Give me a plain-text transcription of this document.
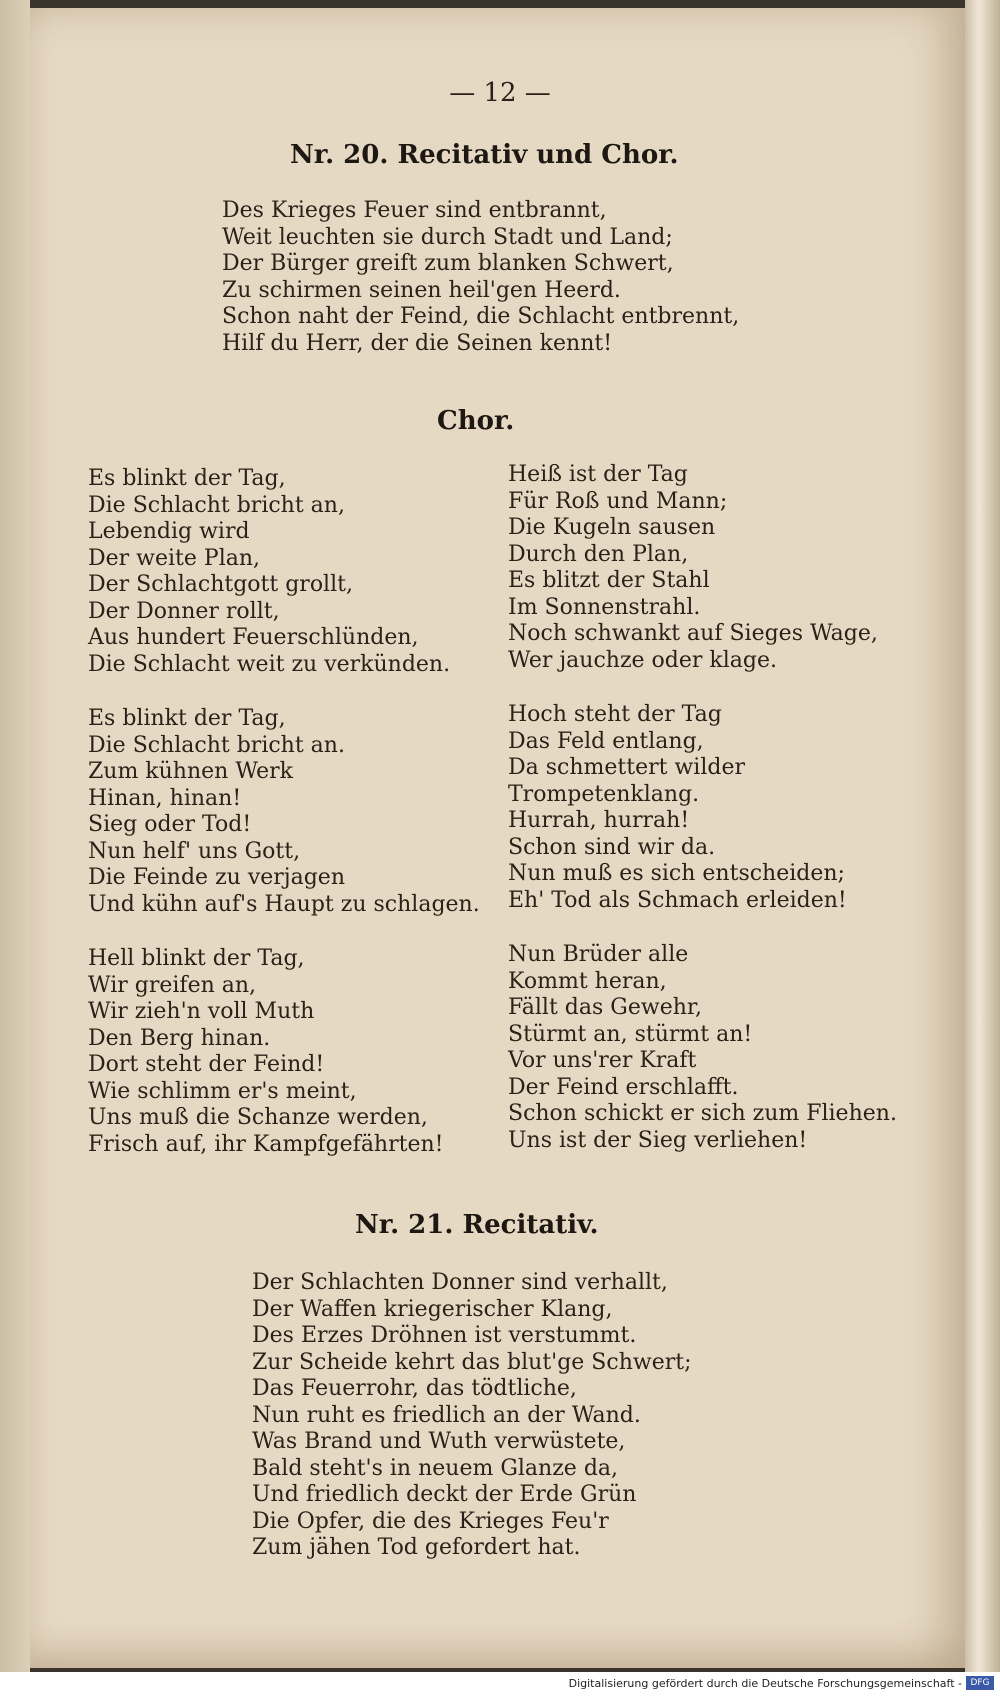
— 12 —
Nr. 20. Recitativ und Chor.
Des Krieges Feuer sind entbrannt,
Weit leuchten sie durch Stadt und Land;
Der Bürger greift zum blanken Schwert,
Zu schirmen seinen heil'gen Heerd.
Schon naht der Feind, die Schlacht entbrennt,
Hilf du Herr, der die Seinen kennt!
Chor.
Es blinkt der Tag,
Die Schlacht bricht an,
Lebendig wird
Der weite Plan,
Der Schlachtgott grollt,
Der Donner rollt,
Aus hundert Feuerschlünden,
Die Schlacht weit zu verkünden.
Es blinkt der Tag,
Die Schlacht bricht an.
Zum kühnen Werk
Hinan, hinan!
Sieg oder Tod!
Nun helf' uns Gott,
Die Feinde zu verjagen
Und kühn auf's Haupt zu schlagen.
Hell blinkt der Tag,
Wir greifen an,
Wir zieh'n voll Muth
Den Berg hinan.
Dort steht der Feind!
Wie schlimm er's meint,
Uns muß die Schanze werden,
Frisch auf, ihr Kampfgefährten!
Heiß ist der Tag
Für Roß und Mann;
Die Kugeln sausen
Durch den Plan,
Es blitzt der Stahl
Im Sonnenstrahl.
Noch schwankt auf Sieges Wage,
Wer jauchze oder klage.
Hoch steht der Tag
Das Feld entlang,
Da schmettert wilder
Trompetenklang.
Hurrah, hurrah!
Schon sind wir da.
Nun muß es sich entscheiden;
Eh' Tod als Schmach erleiden!
Nun Brüder alle
Kommt heran,
Fällt das Gewehr,
Stürmt an, stürmt an!
Vor uns'rer Kraft
Der Feind erschlafft.
Schon schickt er sich zum Fliehen.
Uns ist der Sieg verliehen!
Nr. 21. Recitativ.
Der Schlachten Donner sind verhallt,
Der Waffen kriegerischer Klang,
Des Erzes Dröhnen ist verstummt.
Zur Scheide kehrt das blut'ge Schwert;
Das Feuerrohr, das tödtliche,
Nun ruht es friedlich an der Wand.
Was Brand und Wuth verwüstete,
Bald steht's in neuem Glanze da,
Und friedlich deckt der Erde Grün
Die Opfer, die des Krieges Feu'r
Zum jähen Tod gefordert hat.
Digitalisierung gefördert durch die Deutsche Forschungsgemeinschaft - DFG
